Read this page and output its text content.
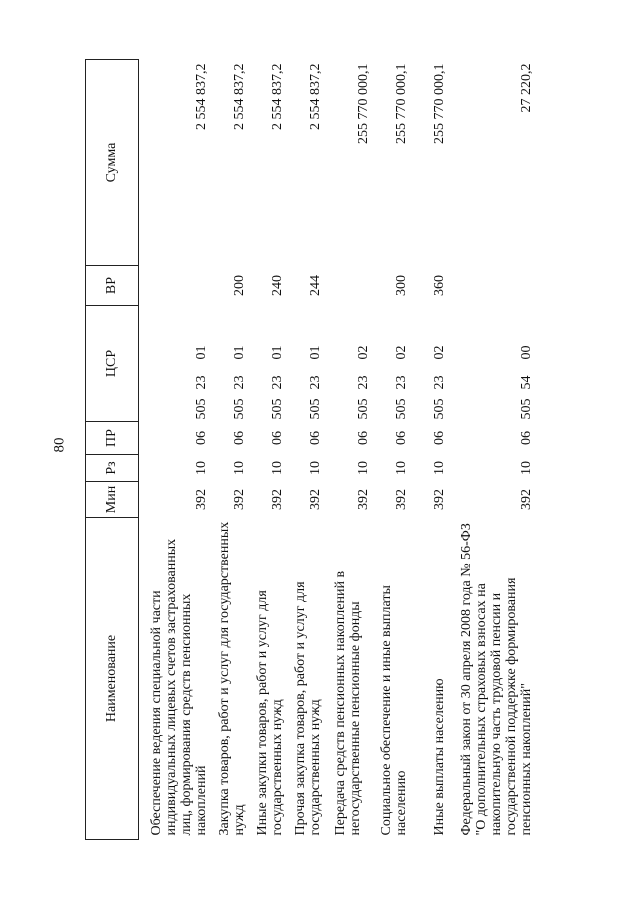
80
Наименование	Мин	Рз	ПР	ЦСР	ВР	Сумма
Обеспечение ведения специальной части индивидуальных лицевых счетов застрахованных лиц, формирования средств пенсионных накоплений	392	10	06	5052301		2 554 837,2
Закупка товаров, работ и услуг для государственных нужд	392	10	06	5052301	200	2 554 837,2
Иные закупки товаров, работ и услуг для государственных нужд	392	10	06	5052301	240	2 554 837,2
Прочая закупка товаров, работ и услуг для государственных нужд	392	10	06	5052301	244	2 554 837,2
Передача средств пенсионных накоплений в негосударственные пенсионные фонды	392	10	06	5052302		255 770 000,1
Социальное обеспечение и иные выплаты населению	392	10	06	5052302	300	255 770 000,1
Иные выплаты населению	392	10	06	5052302	360	255 770 000,1
Федеральный закон от 30 апреля 2008 года № 56-ФЗ "О дополнительных страховых взносах на накопительную часть трудовой пенсии и государственной поддержке формирования пенсионных накоплений"	392	10	06	5055400		27 220,2
